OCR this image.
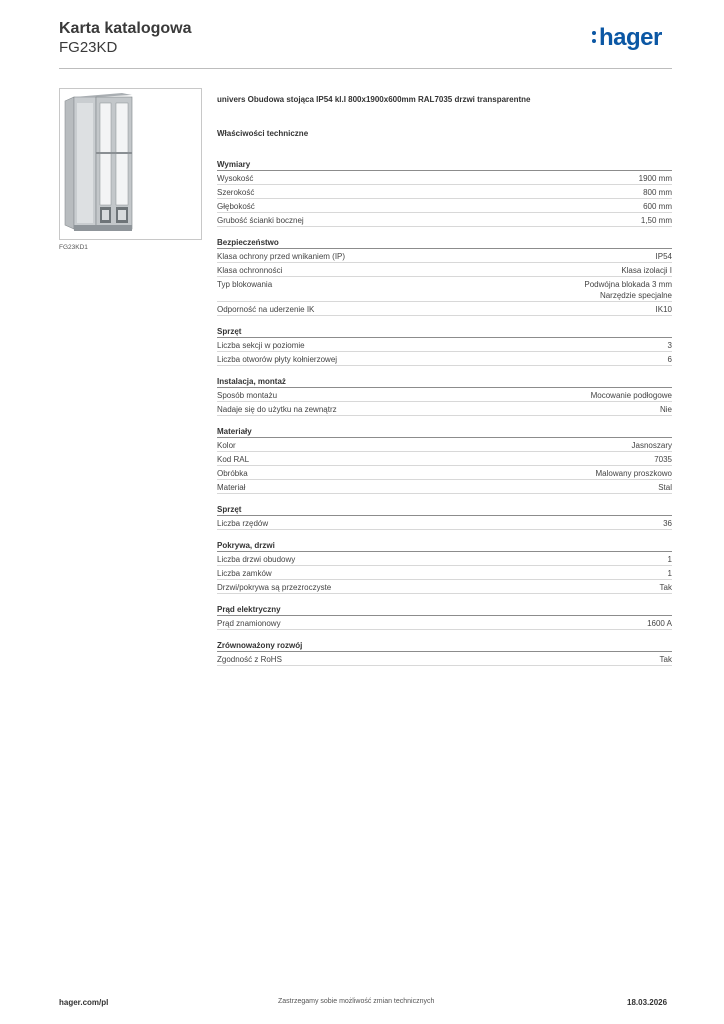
Karta katalogowa
FG23KD	hager
FG23KD1
univers Obudowa stojąca IP54 kl.I 800x1900x600mm RAL7035 drzwi transparentne
Właściwości techniczne
Wymiary
Wysokość	1900 mm
Szerokość	800 mm
Głębokość	600 mm
Grubość ścianki bocznej	1,50 mm
Bezpieczeństwo
Klasa ochrony przed wnikaniem (IP)	IP54
Klasa ochronności	Klasa izolacji I
Typ blokowania	Podwójna blokada 3 mm
Narzędzie specjalne
Odporność na uderzenie IK	IK10
Sprzęt
Liczba sekcji w poziomie	3
Liczba otworów płyty kołnierzowej	6
Instalacja, montaż
Sposób montażu	Mocowanie podłogowe
Nadaje się do użytku na zewnątrz	Nie
Materiały
Kolor	Jasnoszary
Kod RAL	7035
Obróbka	Malowany proszkowo
Materiał	Stal
Sprzęt
Liczba rzędów	36
Pokrywa, drzwi
Liczba drzwi obudowy	1
Liczba zamków	1
Drzwi/pokrywa są przezroczyste	Tak
Prąd elektryczny
Prąd znamionowy	1600 A
Zrównoważony rozwój
Zgodność z RoHS	Tak
hager.com/pl	Zastrzegamy sobie możliwość zmian technicznych	18.03.2026
